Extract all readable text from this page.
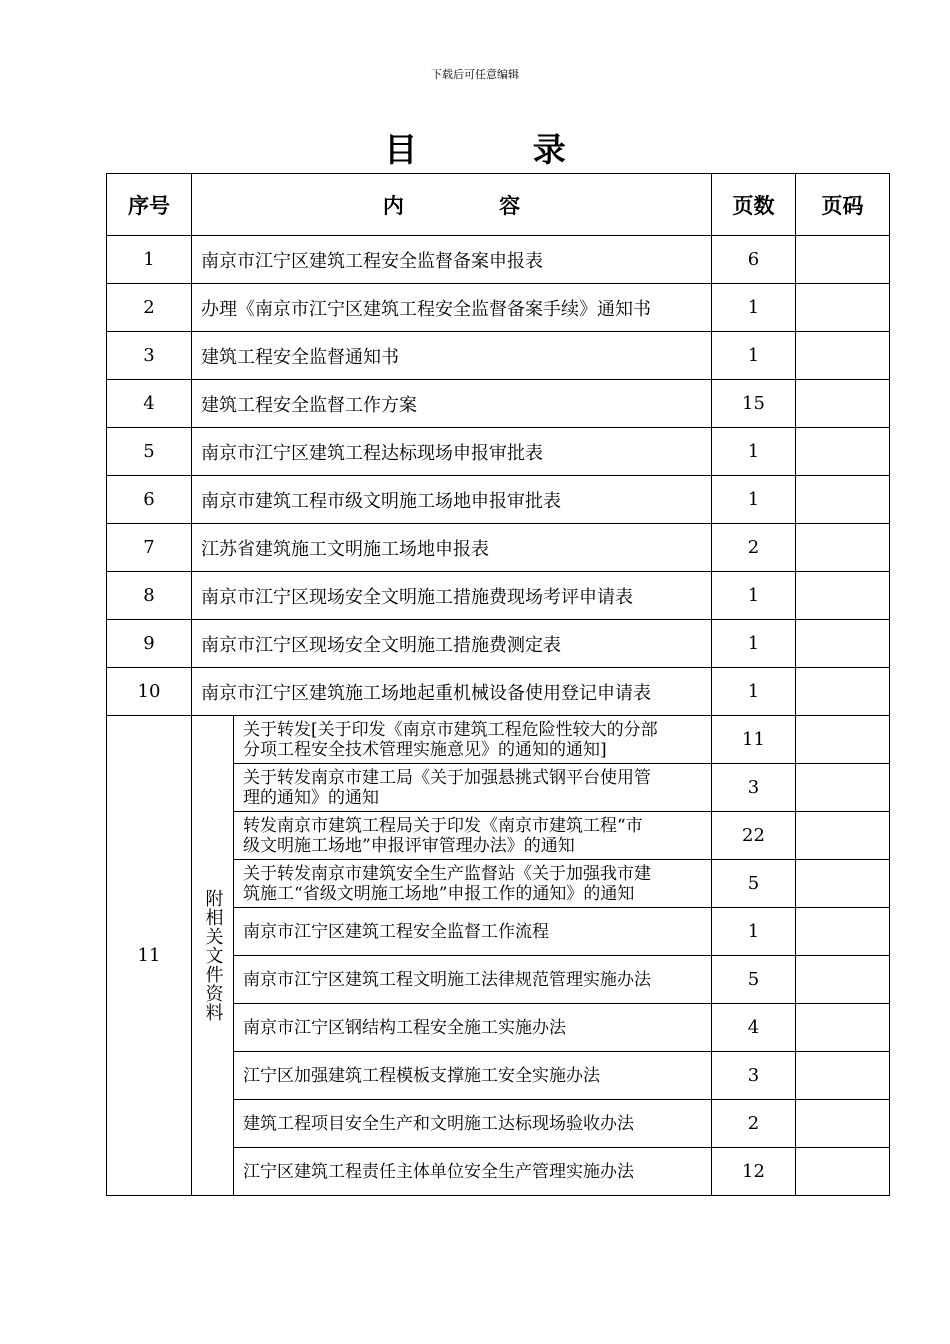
下载后可任意编辑
目 录
序号	内 容		页数	页码
1	南京市江宁区建筑工程安全监督备案申报表		6	
2	办理《南京市江宁区建筑工程安全监督备案手续》通知书		1	
3	建筑工程安全监督通知书		1	
4	建筑工程安全监督工作方案		15	
5	南京市江宁区建筑工程达标现场申报审批表		1	
6	南京市建筑工程市级文明施工场地申报审批表		1	
7	江苏省建筑施工文明施工场地申报表		2	
8	南京市江宁区现场安全文明施工措施费现场考评申请表		1	
9	南京市江宁区现场安全文明施工措施费测定表		1	
10	南京市江宁区建筑施工场地起重机械设备使用登记申请表		1	
11	附相关文件资料	关于转发[关于印发《南京市建筑工程危险性较大的分部
分项工程安全技术管理实施意见》的通知的通知]	11	

		关于转发南京市建工局《关于加强悬挑式钢平台使用管
理的通知》的通知	3	

		转发南京市建筑工程局关于印发《南京市建筑工程“市
级文明施工场地”申报评审管理办法》的通知	22	

		关于转发南京市建筑安全生产监督站《关于加强我市建
筑施工“省级文明施工场地”申报工作的通知》的通知	5	

		南京市江宁区建筑工程安全监督工作流程	1	

		南京市江宁区建筑工程文明施工法律规范管理实施办法	5	

		南京市江宁区钢结构工程安全施工实施办法	4	

		江宁区加强建筑工程模板支撑施工安全实施办法	3	

		建筑工程项目安全生产和文明施工达标现场验收办法	2	

		江宁区建筑工程责任主体单位安全生产管理实施办法	12	
